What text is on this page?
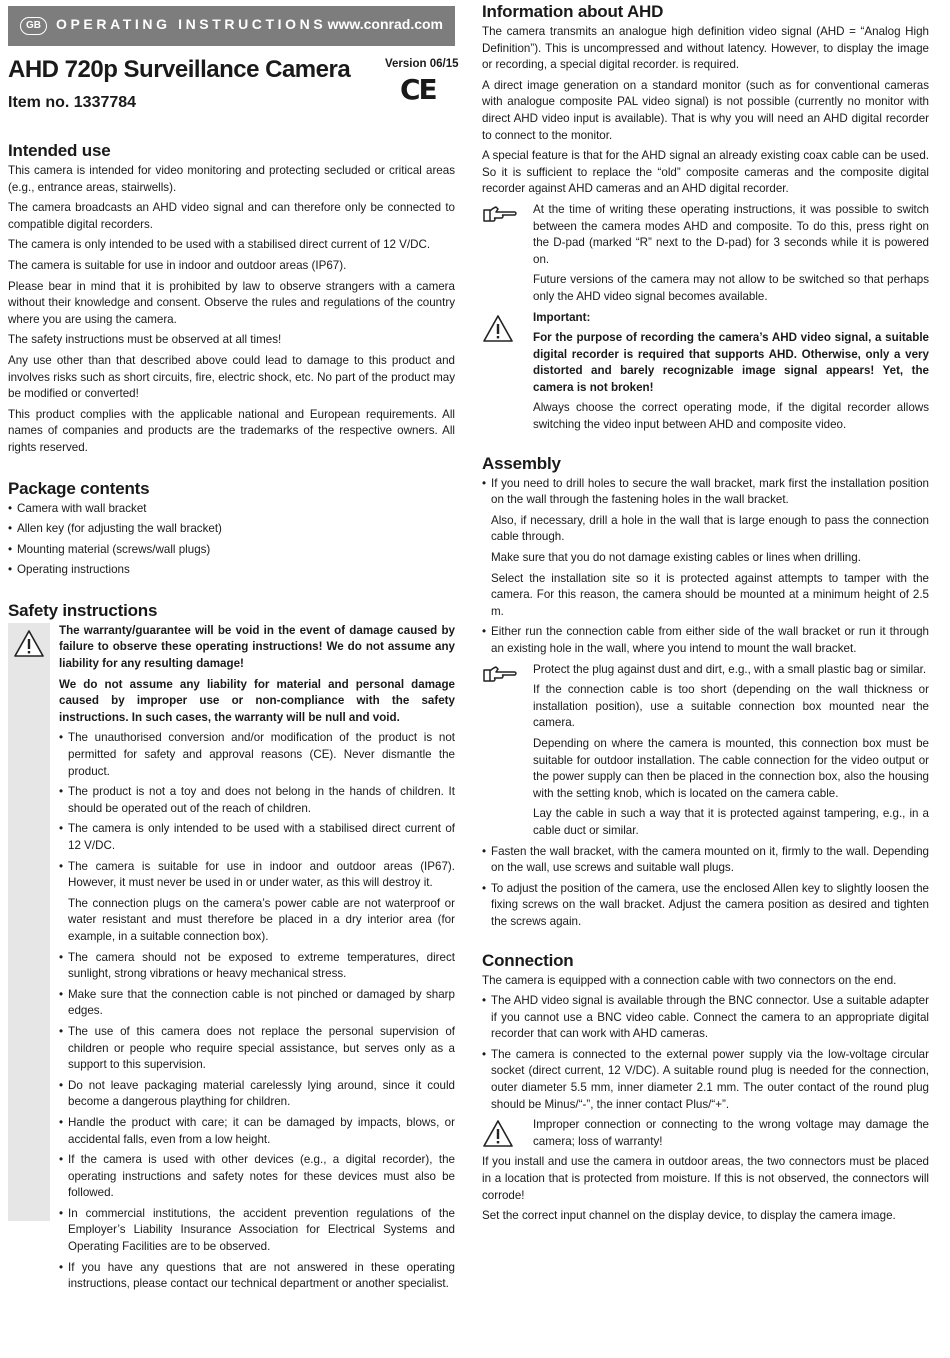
GB	OPERATING INSTRUCTIONS www.conrad.com
AHD 720p Surveillance Camera
Item no. 1337784
Version 06/15
CE
Intended use

This camera is intended for video monitoring and protecting secluded or critical areas (e.g., entrance areas, stairwells).

The camera broadcasts an AHD video signal and can therefore only be connected to compatible digital recorders.

The camera is only intended to be used with a stabilised direct current of 12 V/DC.

The camera is suitable for use in indoor and outdoor areas (IP67).

Please bear in mind that it is prohibited by law to observe strangers with a camera without their knowledge and consent. Observe the rules and regulations of the country where you are using the camera.

The safety instructions must be observed at all times!

Any use other than that described above could lead to damage to this product and involves risks such as short circuits, fire, electric shock, etc. No part of the product may be modified or converted!

This product complies with the applicable national and European requirements. All names of companies and products are the trademarks of the respective owners. All rights reserved.

Package contents
• Camera with wall bracket
• Allen key (for adjusting the wall bracket)
• Mounting material (screws/wall plugs)
• Operating instructions
Safety instructions

The warranty/guarantee will be void in the event of damage caused by failure to observe these operating instructions! We do not assume any liability for any resulting damage!

We do not assume any liability for material and personal damage caused by improper use or non-compliance with the safety instructions. In such cases, the warranty will be null and void.

• The unauthorised conversion and/or modification of the product is not permitted for safety and approval reasons (CE). Never dismantle the product.
• The product is not a toy and does not belong in the hands of children. It should be operated out of the reach of children.
• The camera is only intended to be used with a stabilised direct current of 12 V/DC.
• The camera is suitable for use in indoor and outdoor areas (IP67). However, it must never be used in or under water, as this will destroy it.

The connection plugs on the camera’s power cable are not waterproof or water resistant and must therefore be placed in a dry interior area (for example, in a suitable connection box).

• The camera should not be exposed to extreme temperatures, direct sunlight, strong vibrations or heavy mechanical stress.
• Make sure that the connection cable is not pinched or damaged by sharp edges.
• The use of this camera does not replace the personal supervision of children or people who require special assistance, but serves only as a support to this supervision.
• Do not leave packaging material carelessly lying around, since it could become a dangerous plaything for children.
• Handle the product with care; it can be damaged by impacts, blows, or accidental falls, even from a low height.
• If the camera is used with other devices (e.g., a digital recorder), the operating instructions and safety notes for these devices must also be followed.
• In commercial institutions, the accident prevention regulations of the Employer’s Liability Insurance Association for Electrical Systems and Operating Facilities are to be observed.
• If you have any questions that are not answered in these operating instructions, please contact our technical department or another specialist.
Information about AHD

The camera transmits an analogue high definition video signal (AHD = “Analog High Definition”). This is uncompressed and without latency. However, to display the image or recording, a special digital recorder. is required.

A direct image generation on a standard monitor (such as for conventional cameras with analogue composite PAL video signal) is not possible (currently no monitor with direct AHD video input is available). That is why you will need an AHD digital recorder to connect to the monitor.

A special feature is that for the AHD signal an already existing coax cable can be used. So it is sufficient to replace the “old” composite cameras and the composite digital recorder against AHD cameras and an AHD digital recorder.

At the time of writing these operating instructions, it was possible to switch between the camera modes AHD and composite. To do this, press right on the D-pad (marked “R” next to the D-pad) for 3 seconds while it is powered on.

Future versions of the camera may not allow to be switched so that perhaps only the AHD video signal becomes available.

Important:

For the purpose of recording the camera’s AHD video signal, a suitable digital recorder is required that supports AHD. Otherwise, only a very distorted and barely recognizable image signal appears! Yet, the camera is not broken!

Always choose the correct operating mode, if the digital recorder allows switching the video input between AHD and composite video.

Assembly
• If you need to drill holes to secure the wall bracket, mark first the installation position on the wall through the fastening holes in the wall bracket.

Also, if necessary, drill a hole in the wall that is large enough to pass the connection cable through.

Make sure that you do not damage existing cables or lines when drilling.

Select the installation site so it is protected against attempts to tamper with the camera. For this reason, the camera should be mounted at a minimum height of 2.5 m.

• Either run the connection cable from either side of the wall bracket or run it through an existing hole in the wall, where you intend to mount the wall bracket.

Protect the plug against dust and dirt, e.g., with a small plastic bag or similar.

If the connection cable is too short (depending on the wall thickness or installation position), use a suitable connection box mounted near the camera.

Depending on where the camera is mounted, this connection box must be suitable for outdoor installation. The cable connection for the video output or the power supply can then be placed in the connection box, also the housing with the setting knob, which is located on the camera cable.

Lay the cable in such a way that it is protected against tampering, e.g., in a cable duct or similar.

• Fasten the wall bracket, with the camera mounted on it, firmly to the wall. Depending on the wall, use screws and suitable wall plugs.
• To adjust the position of the camera, use the enclosed Allen key to slightly loosen the fixing screws on the wall bracket. Adjust the camera position as desired and tighten the screws again.
Connection

The camera is equipped with a connection cable with two connectors on the end.

• The AHD video signal is available through the BNC connector. Use a suitable adapter if you cannot use a BNC video cable. Connect the camera to an appropriate digital recorder that can work with AHD cameras.
• The camera is connected to the external power supply via the low-voltage circular socket (direct current, 12 V/DC). A suitable round plug is needed for the connection, outer diameter 5.5 mm, inner diameter 2.1 mm. The outer contact of the round plug should be Minus/“-”, the inner contact Plus/“+”.

Improper connection or connecting to the wrong voltage may damage the camera; loss of warranty!

If you install and use the camera in outdoor areas, the two connectors must be placed in a location that is protected from moisture. If this is not observed, the connectors will corrode!

Set the correct input channel on the display device, to display the camera image.
